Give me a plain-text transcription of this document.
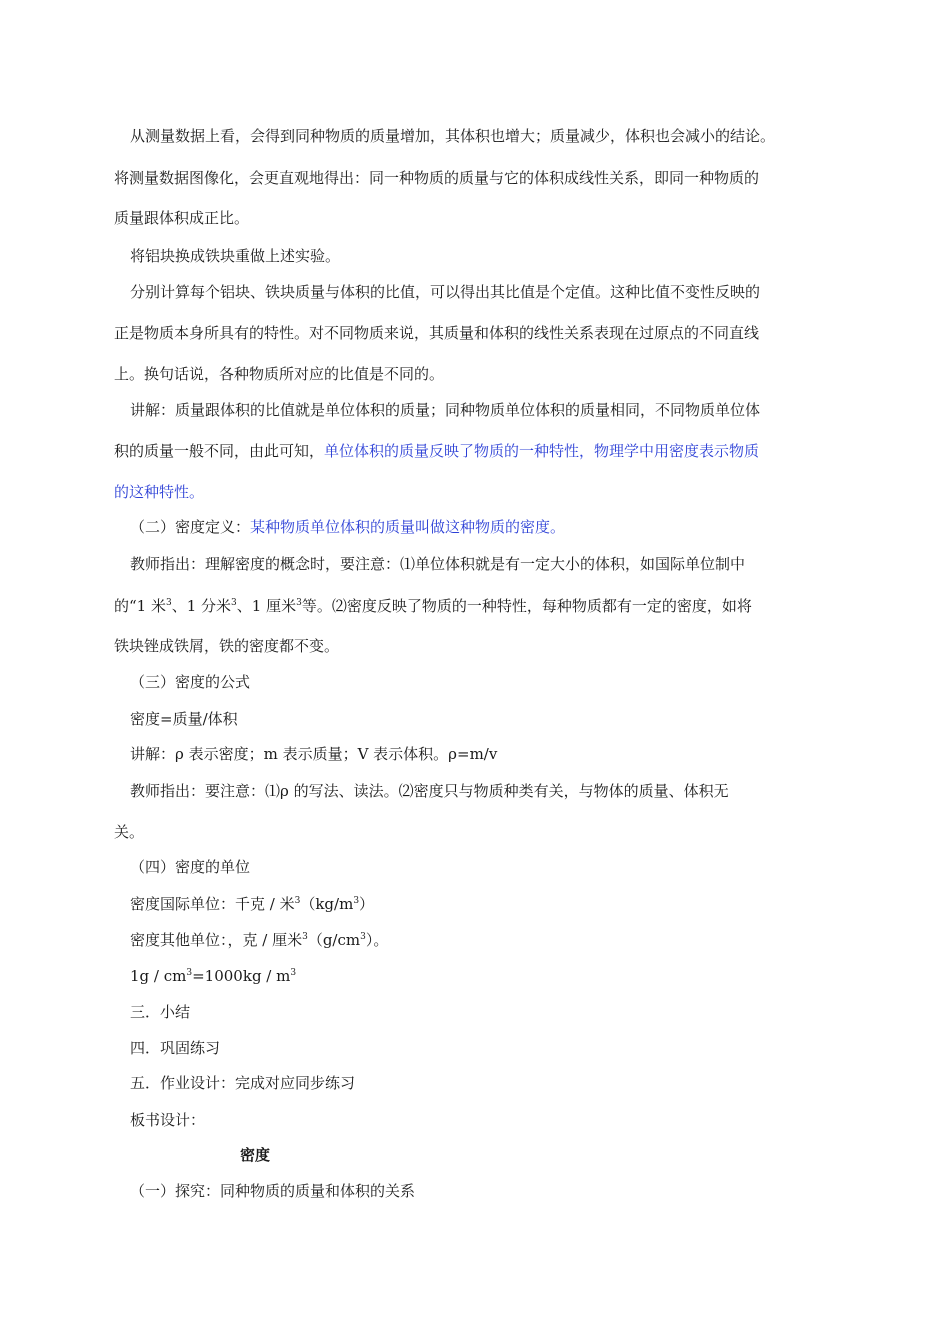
从测量数据上看，会得到同种物质的质量增加，其体积也增大；质量减少，体积也会减小的结论。
将测量数据图像化，会更直观地得出：同一种物质的质量与它的体积成线性关系，即同一种物质的
质量跟体积成正比。
将铝块换成铁块重做上述实验。
分别计算每个铝块、铁块质量与体积的比值，可以得出其比值是个定值。这种比值不变性反映的
正是物质本身所具有的特性。对不同物质来说，其质量和体积的线性关系表现在过原点的不同直线
上。换句话说，各种物质所对应的比值是不同的。
讲解：质量跟体积的比值就是单位体积的质量；同种物质单位体积的质量相同，不同物质单位体
积的质量一般不同，由此可知，单位体积的质量反映了物质的一种特性，物理学中用密度表示物质
的这种特性。
（二）密度定义：某种物质单位体积的质量叫做这种物质的密度。
教师指出：理解密度的概念时，要注意：⑴单位体积就是有一定大小的体积，如国际单位制中
的“1 米$^3$、1 分米$^3$、1 厘米$^3$等。⑵密度反映了物质的一种特性，每种物质都有一定的密度，如将
铁块锉成铁屑，铁的密度都不变。
（三）密度的公式
密度=质量/体积
讲解：ρ 表示密度；m 表示质量；V 表示体积。ρ=m/v
教师指出：要注意：⑴ρ 的写法、读法。⑵密度只与物质种类有关，与物体的质量、体积无
关。
（四）密度的单位
密度国际单位：千克 / 米$^3(kg/m^3)$
密度其他单位：，克 / 厘米$^3(g/cm^3)$。
$1g / cm^3=1000kg / m^3$
三．小结
四．巩固练习
五．作业设计：完成对应同步练习
板书设计：
密度
（一）探究：同种物质的质量和体积的关系
